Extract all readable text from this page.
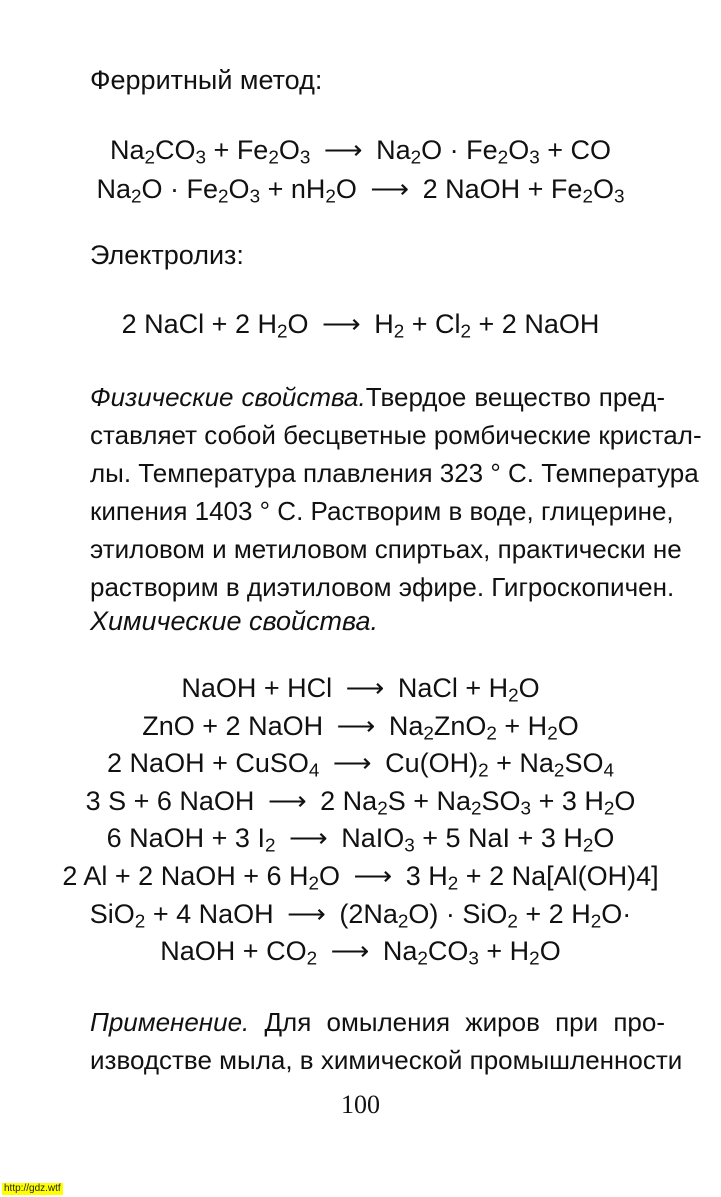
Ферритный метод:
$Na_2CO_3 + Fe_2O_3$ ⟶ $Na_2O \cdot Fe_2O_3$ + CO
$Na_2O \cdot Fe_2O_3 + nH_2O$ ⟶ 2 NaOH + $Fe_2O_3$
Электролиз:
2 NaCl + 2 $H_2O$ ⟶ $H_2 + Cl_2 + 2$ NaOH
Физические свойства.Твердое вещество пред-
ставляет собой бесцветные ромбические кристал-
лы. Температура плавления 323 ° С. Температура
кипения 1403 ° С. Растворим в воде, глицерине,
этиловом и метиловом спиртьах, практически не
растворим в диэтиловом эфире. Гигроскопичен.
Химические свойства.
NaOH + HCl ⟶ NaCl + $H_2O$
ZnO + 2 NaOH ⟶ $Na_2ZnO_2 + H_2O$
2 NaOH + CuSO$_4$ ⟶ $Cu(OH)_2 + Na_2SO_4$
3 S + 6 NaOH ⟶ 2 $Na_2S + Na_2SO_3 + 3$ $H_2O$
6 NaOH + 3 $I_2$ ⟶ NaIO$_3$ + 5 NaI + 3 $H_2O$
2 Al + 2 NaOH + 6 $H_2O$ ⟶ 3 $H_2 + 2$ Na[Al(OH)4]
SiO$_2$ + 4 NaOH ⟶ $(2Na_2O) \cdot SiO_2 + 2$ $H_2O\cdot$
NaOH + $CO_2$ ⟶ $Na_2CO_3 + H_2O$
Применение. Для омыления жиров при про-
изводстве мыла, в химической промышленности
100
http://gdz.wtf
